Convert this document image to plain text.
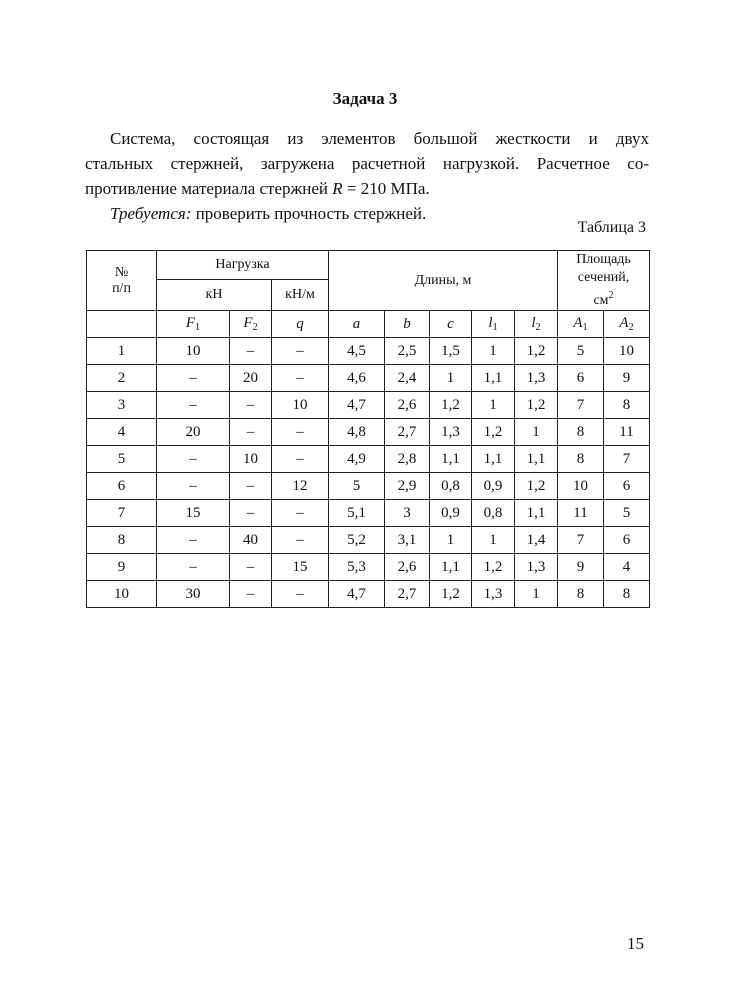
Задача 3
Система, состоящая из элементов большой жесткости и двух
стальных стержней, загружена расчетной нагрузкой. Расчетное со-
противление материала стержней R = 210 МПа.
Требуется: проверить прочность стержней.
Таблица 3
№
п/п	Нагрузка			Длины, м					Площадь
сечений,
$см^2$
	кН		кН/м							
	$F_1$	$F_2$	q	a	b	c	$l_1$	$l_2$	$A_1$	$A_2$
1	10	–	–	4,5	2,5	1,5	1	1,2	5	10
2	–	20	–	4,6	2,4	1	1,1	1,3	6	9
3	–	–	10	4,7	2,6	1,2	1	1,2	7	8
4	20	–	–	4,8	2,7	1,3	1,2	1	8	11
5	–	10	–	4,9	2,8	1,1	1,1	1,1	8	7
6	–	–	12	5	2,9	0,8	0,9	1,2	10	6
7	15	–	–	5,1	3	0,9	0,8	1,1	11	5
8	–	40	–	5,2	3,1	1	1	1,4	7	6
9	–	–	15	5,3	2,6	1,1	1,2	1,3	9	4
10	30	–	–	4,7	2,7	1,2	1,3	1	8	8
15
